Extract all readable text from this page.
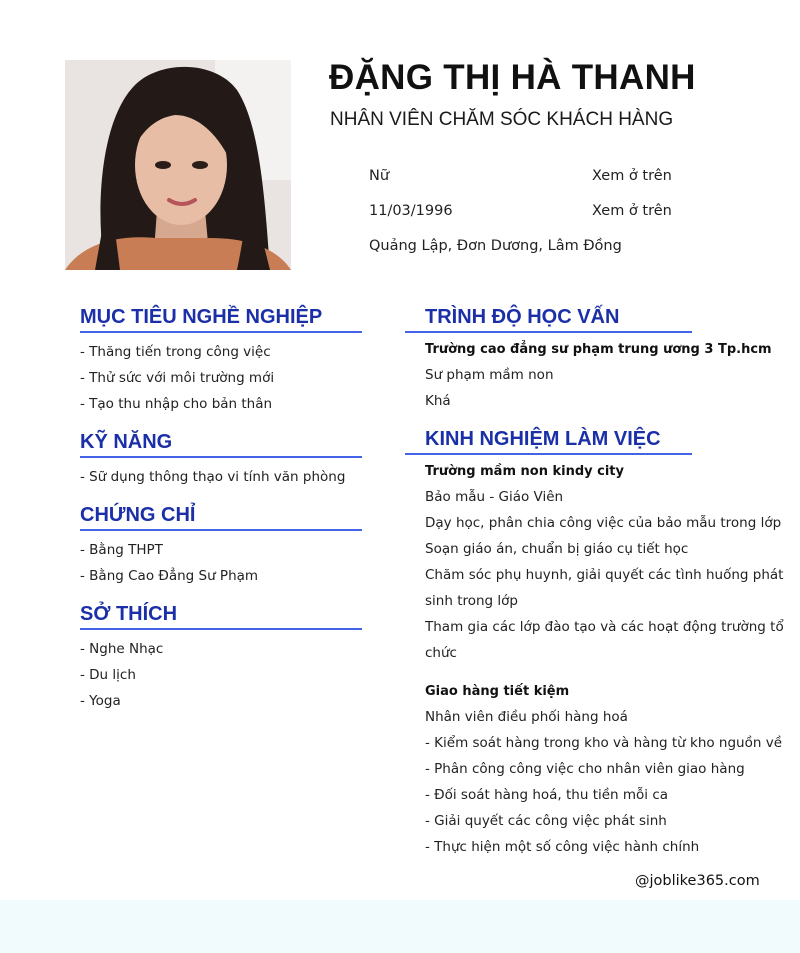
ĐẶNG THỊ HÀ THANH
NHÂN VIÊN CHĂM SÓC KHÁCH HÀNG
Nữ	Xem ở trên
11/03/1996	Xem ở trên
Quảng Lập, Đơn Dương, Lâm Đồng
MỤC TIÊU NGHỀ NGHIỆP
- Thăng tiến trong công việc
- Thử sức với môi trường mới
- Tạo thu nhập cho bản thân
KỸ NĂNG
- Sữ dụng thông thạo vi tính văn phòng
CHỨNG CHỈ
- Bằng THPT
- Bằng Cao Đẳng Sư Phạm
SỞ THÍCH
- Nghe Nhạc
- Du lịch
- Yoga
TRÌNH ĐỘ HỌC VẤN
Trường cao đẳng sư phạm trung ương 3 Tp.hcm
Sư phạm mầm non
Khá
KINH NGHIỆM LÀM VIỆC
Trường mầm non kindy city
Bảo mẫu - Giáo Viên
Dạy học, phân chia công việc của bảo mẫu trong lớp
Soạn giáo án, chuẩn bị giáo cụ tiết học
Chăm sóc phụ huynh, giải quyết các tình huống phát
sinh trong lớp
Tham gia các lớp đào tạo và các hoạt động trường tổ
chức
Giao hàng tiết kiệm
Nhân viên điều phối hàng hoá
- Kiểm soát hàng trong kho và hàng từ kho nguồn về
- Phân công công việc cho nhân viên giao hàng
- Đối soát hàng hoá, thu tiền mỗi ca
- Giải quyết các công việc phát sinh
- Thực hiện một số công việc hành chính
@joblike365.com
